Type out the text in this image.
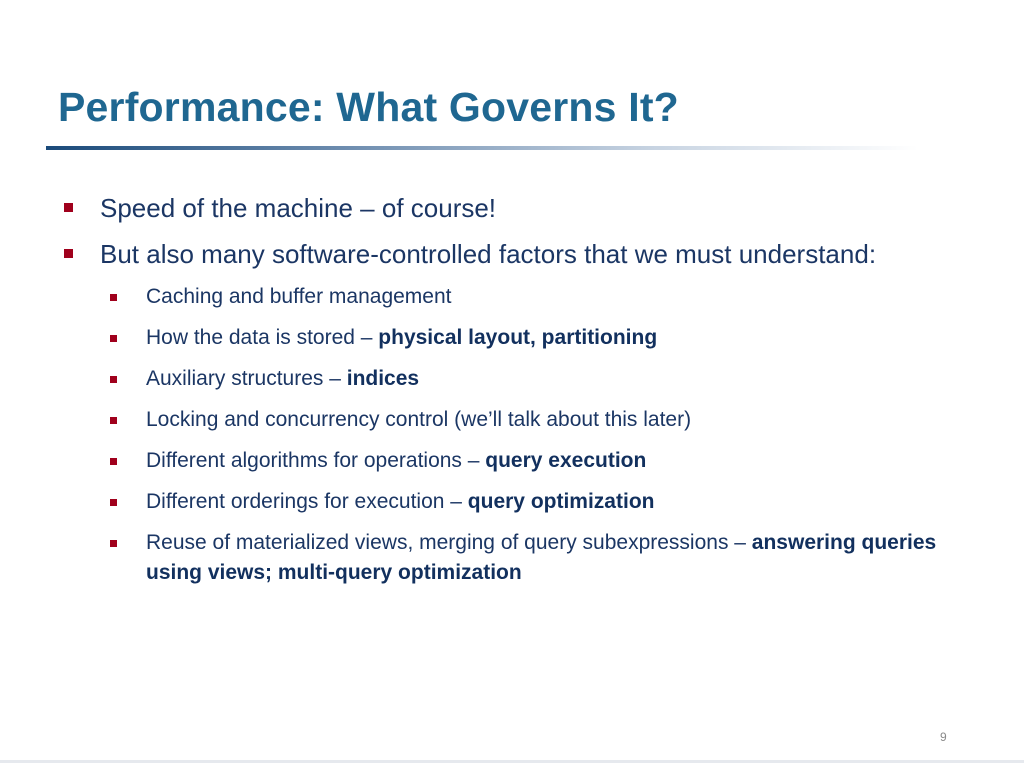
Performance: What Governs It?
Speed of the machine – of course!
But also many software-controlled factors that we must understand:
Caching and buffer management
How the data is stored – physical layout, partitioning
Auxiliary structures – indices
Locking and concurrency control (we’ll talk about this later)
Different algorithms for operations – query execution
Different orderings for execution – query optimization
Reuse of materialized views, merging of query subexpressions – answering queries using views; multi-query optimization
9
